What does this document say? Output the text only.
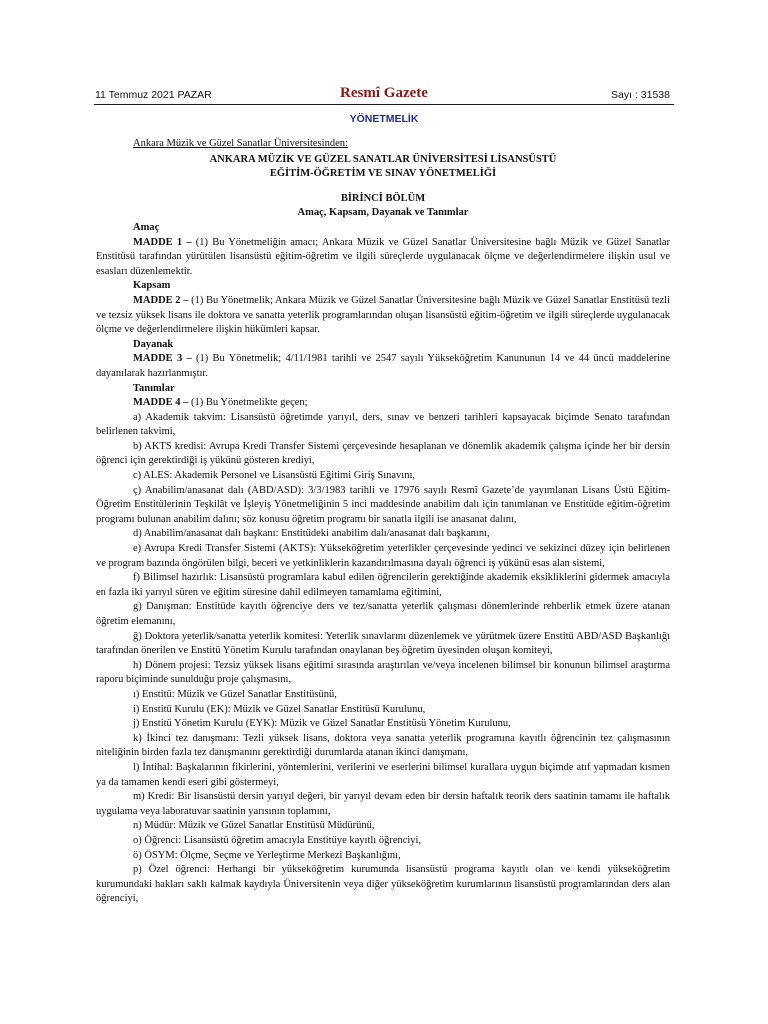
11 Temmuz 2021 PAZAR	Resmî Gazete	Sayı : 31538
YÖNETMELİK

Ankara Müzik ve Güzel Sanatlar Üniversitesinden:

ANKARA MÜZİK VE GÜZEL SANATLAR ÜNİVERSİTESİ LİSANSÜSTÜ

EĞİTİM-ÖĞRETİM VE SINAV YÖNETMELİĞİ

BİRİNCİ BÖLÜM

Amaç, Kapsam, Dayanak ve Tanımlar

Amaç

MADDE 1 – (1) Bu Yönetmeliğin amacı; Ankara Müzik ve Güzel Sanatlar Üniversitesine bağlı Müzik ve Güzel Sanatlar Enstitüsü tarafından yürütülen lisansüstü eğitim-öğretim ve ilgili süreçlerde uygulanacak ölçme ve değerlendirmelere ilişkin usul ve esasları düzenlemektir.

Kapsam

MADDE 2 – (1) Bu Yönetmelik; Ankara Müzik ve Güzel Sanatlar Üniversitesine bağlı Müzik ve Güzel Sanatlar Enstitüsü tezli ve tezsiz yüksek lisans ile doktora ve sanatta yeterlik programlarından oluşan lisansüstü eğitim-öğretim ve ilgili süreçlerde uygulanacak ölçme ve değerlendirmelere ilişkin hükümleri kapsar.

Dayanak

MADDE 3 – (1) Bu Yönetmelik; 4/11/1981 tarihli ve 2547 sayılı Yükseköğretim Kanununun 14 ve 44 üncü maddelerine dayanılarak hazırlanmıştır.

Tanımlar

MADDE 4 – (1) Bu Yönetmelikte geçen;

a) Akademik takvim: Lisansüstü öğretimde yarıyıl, ders, sınav ve benzeri tarihleri kapsayacak biçimde Senato tarafından belirlenen takvimi,

b) AKTS kredisi: Avrupa Kredi Transfer Sistemi çerçevesinde hesaplanan ve dönemlik akademik çalışma içinde her bir dersin öğrenci için gerektirdiği iş yükünü gösteren krediyi,

c) ALES: Akademik Personel ve Lisansüstü Eğitimi Giriş Sınavını,

ç) Anabilim/anasanat dalı (ABD/ASD): 3/3/1983 tarihli ve 17976 sayılı Resmî Gazete’de yayımlanan Lisans Üstü Eğitim-Öğretim Enstitülerinin Teşkilât ve İşleyiş Yönetmeliğinin 5 inci maddesinde anabilim dalı için tanımlanan ve Enstitüde eğitim-öğretim programı bulunan anabilim dalını; söz konusu öğretim programı bir sanatla ilgili ise anasanat dalını,

d) Anabilim/anasanat dalı başkanı: Enstitüdeki anabilim dalı/anasanat dalı başkanını,

e) Avrupa Kredi Transfer Sistemi (AKTS): Yükseköğretim yeterlikler çerçevesinde yedinci ve sekizinci düzey için belirlenen ve program bazında öngörülen bilgi, beceri ve yetkinliklerin kazandırılmasına dayalı öğrenci iş yükünü esas alan sistemi,

f) Bilimsel hazırlık: Lisansüstü programlara kabul edilen öğrencilerin gerektiğinde akademik eksikliklerini gidermek amacıyla en fazla iki yarıyıl süren ve eğitim süresine dahil edilmeyen tamamlama eğitimini,

g) Danışman: Enstitüde kayıtlı öğrenciye ders ve tez/sanatta yeterlik çalışması dönemlerinde rehberlik etmek üzere atanan öğretim elemanını,

ğ) Doktora yeterlik/sanatta yeterlik komitesi: Yeterlik sınavlarını düzenlemek ve yürütmek üzere Enstitü ABD/ASD Başkanlığı tarafından önerilen ve Enstitü Yönetim Kurulu tarafından onaylanan beş öğretim üyesinden oluşan komiteyi,

h) Dönem projesi: Tezsiz yüksek lisans eğitimi sırasında araştırılan ve/veya incelenen bilimsel bir konunun bilimsel araştırma raporu biçiminde sunulduğu proje çalışmasını,

ı) Enstitü: Müzik ve Güzel Sanatlar Enstitüsünü,

i) Enstitü Kurulu (EK): Müzik ve Güzel Sanatlar Enstitüsü Kurulunu,

j) Enstitü Yönetim Kurulu (EYK): Müzik ve Güzel Sanatlar Enstitüsü Yönetim Kurulunu,

k) İkinci tez danışmanı: Tezli yüksek lisans, doktora veya sanatta yeterlik programına kayıtlı öğrencinin tez çalışmasının niteliğinin birden fazla tez danışmanını gerektirdiği durumlarda atanan ikinci danışmanı,

l) İntihal: Başkalarının fikirlerini, yöntemlerini, verilerini ve eserlerini bilimsel kurallara uygun biçimde atıf yapmadan kısmen ya da tamamen kendi eseri gibi göstermeyi,

m) Kredi: Bir lisansüstü dersin yarıyıl değeri, bir yarıyıl devam eden bir dersin haftalık teorik ders saatinin tamamı ile haftalık uygulama veya laboratuvar saatinin yarısının toplamını,

n) Müdür: Müzik ve Güzel Sanatlar Enstitüsü Müdürünü,

o) Öğrenci: Lisansüstü öğretim amacıyla Enstitüye kayıtlı öğrenciyi,

ö) ÖSYM: Ölçme, Seçme ve Yerleştirme Merkezi Başkanlığını,

p) Özel öğrenci: Herhangi bir yükseköğretim kurumunda lisansüstü programa kayıtlı olan ve kendi yükseköğretim kurumundaki hakları saklı kalmak kaydıyla Üniversitenin veya diğer yükseköğretim kurumlarının lisansüstü programlarından ders alan öğrenciyi,
